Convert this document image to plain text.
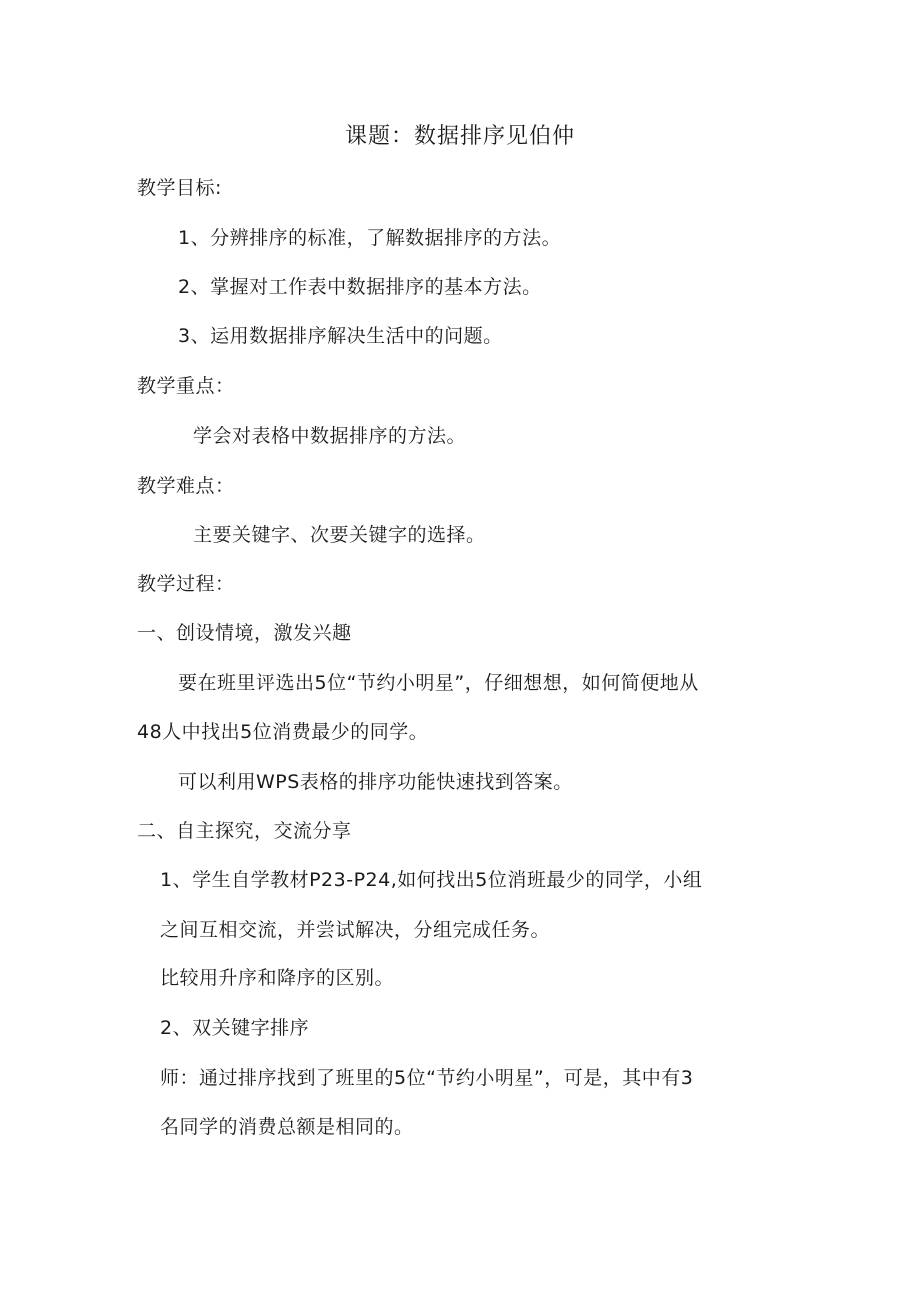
课题：数据排序见伯仲
教学目标:
1、分辨排序的标准，了解数据排序的方法。
2、掌握对工作表中数据排序的基本方法。
3、运用数据排序解决生活中的问题。
教学重点：
学会对表格中数据排序的方法。
教学难点：
主要关键字、次要关键字的选择。
教学过程：
一、创设情境，激发兴趣
要在班里评选出5位“节约小明星”，仔细想想，如何简便地从
48人中找出5位消费最少的同学。
可以利用WPS表格的排序功能快速找到答案。
二、自主探究，交流分享
1、学生自学教材P23-P24,如何找出5位消班最少的同学，小组
之间互相交流，并尝试解决，分组完成任务。
比较用升序和降序的区别。
2、双关键字排序
师：通过排序找到了班里的5位“节约小明星”，可是，其中有3
名同学的消费总额是相同的。
